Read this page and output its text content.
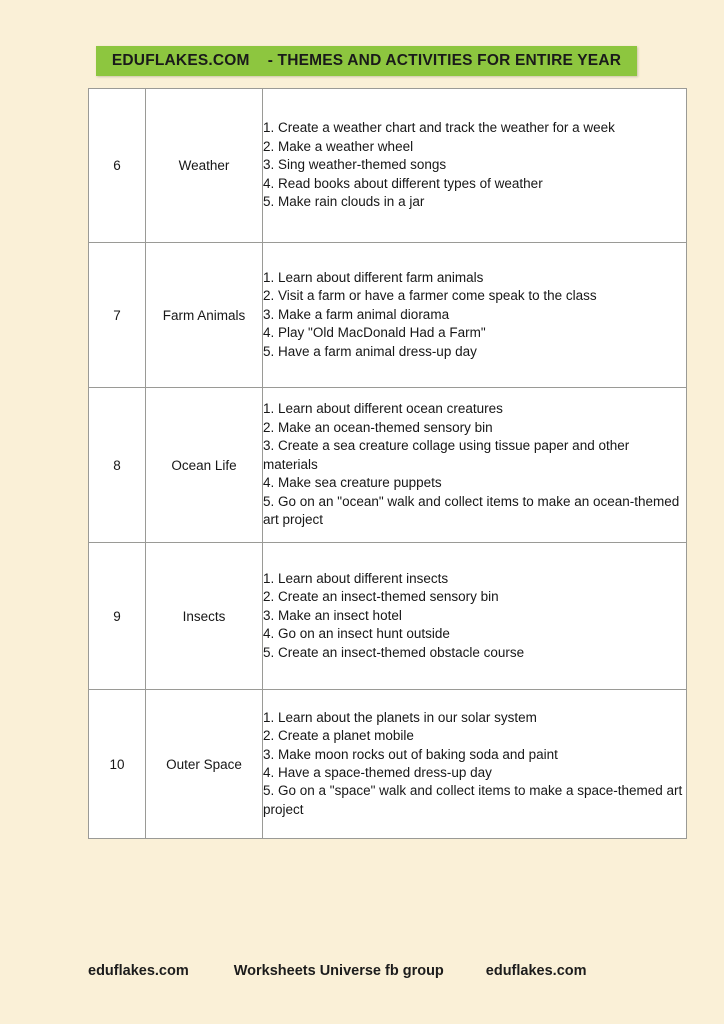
EDUFLAKES.COM    - THEMES AND ACTIVITIES FOR ENTIRE YEAR
6	Weather	1. Create a weather chart and track the weather for a week
2. Make a weather wheel
3. Sing weather-themed songs
4. Read books about different types of weather
5. Make rain clouds in a jar

7	Farm Animals	1. Learn about different farm animals
2. Visit a farm or have a farmer come speak to the class
3. Make a farm animal diorama
4. Play "Old MacDonald Had a Farm"
5. Have a farm animal dress-up day

8	Ocean Life	1. Learn about different ocean creatures
2. Make an ocean-themed sensory bin
3. Create a sea creature collage using tissue paper and other materials
4. Make sea creature puppets
5. Go on an "ocean" walk and collect items to make an ocean-themed art project

9	Insects	1. Learn about different insects
2. Create an insect-themed sensory bin
3. Make an insect hotel
4. Go on an insect hunt outside
5. Create an insect-themed obstacle course

10	Outer Space	1. Learn about the planets in our solar system
2. Create a planet mobile
3. Make moon rocks out of baking soda and paint
4. Have a space-themed dress-up day
5. Go on a "space" walk and collect items to make a space-themed art project
eduflakes.com	Worksheets Universe fb group	eduflakes.com
